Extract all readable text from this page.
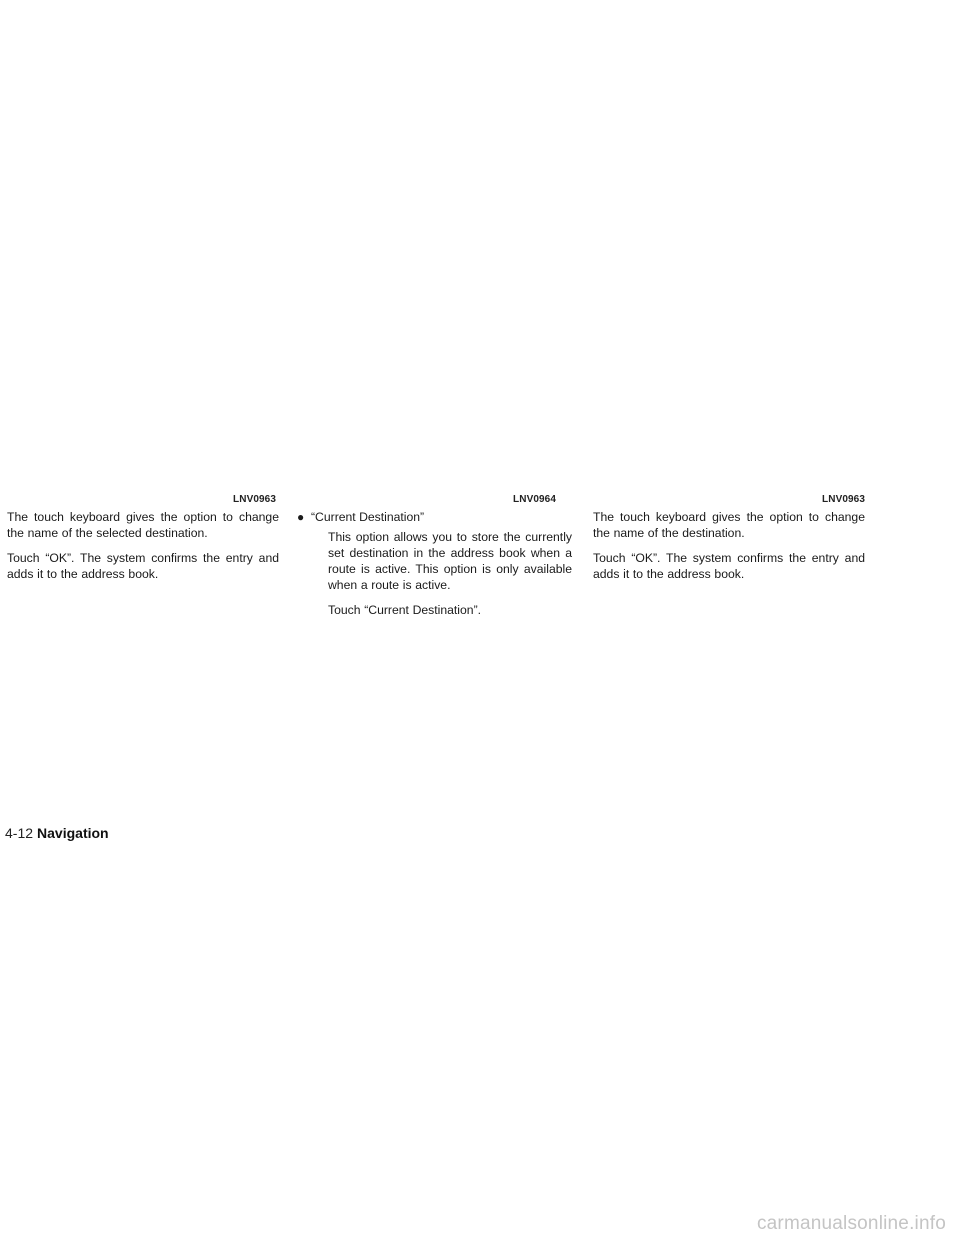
LNV0963

The touch keyboard gives the option to change the name of the selected destination.

Touch “OK”. The system confirms the entry and adds it to the address book.

LNV0964
● “Current Destination”

This option allows you to store the currently set destination in the address book when a route is active. This option is only available when a route is active.

Touch “Current Destination”.

LNV0963

The touch keyboard gives the option to change the name of the destination.

Touch “OK”. The system confirms the entry and adds it to the address book.

4-12 Navigation
carmanualsonline.info
